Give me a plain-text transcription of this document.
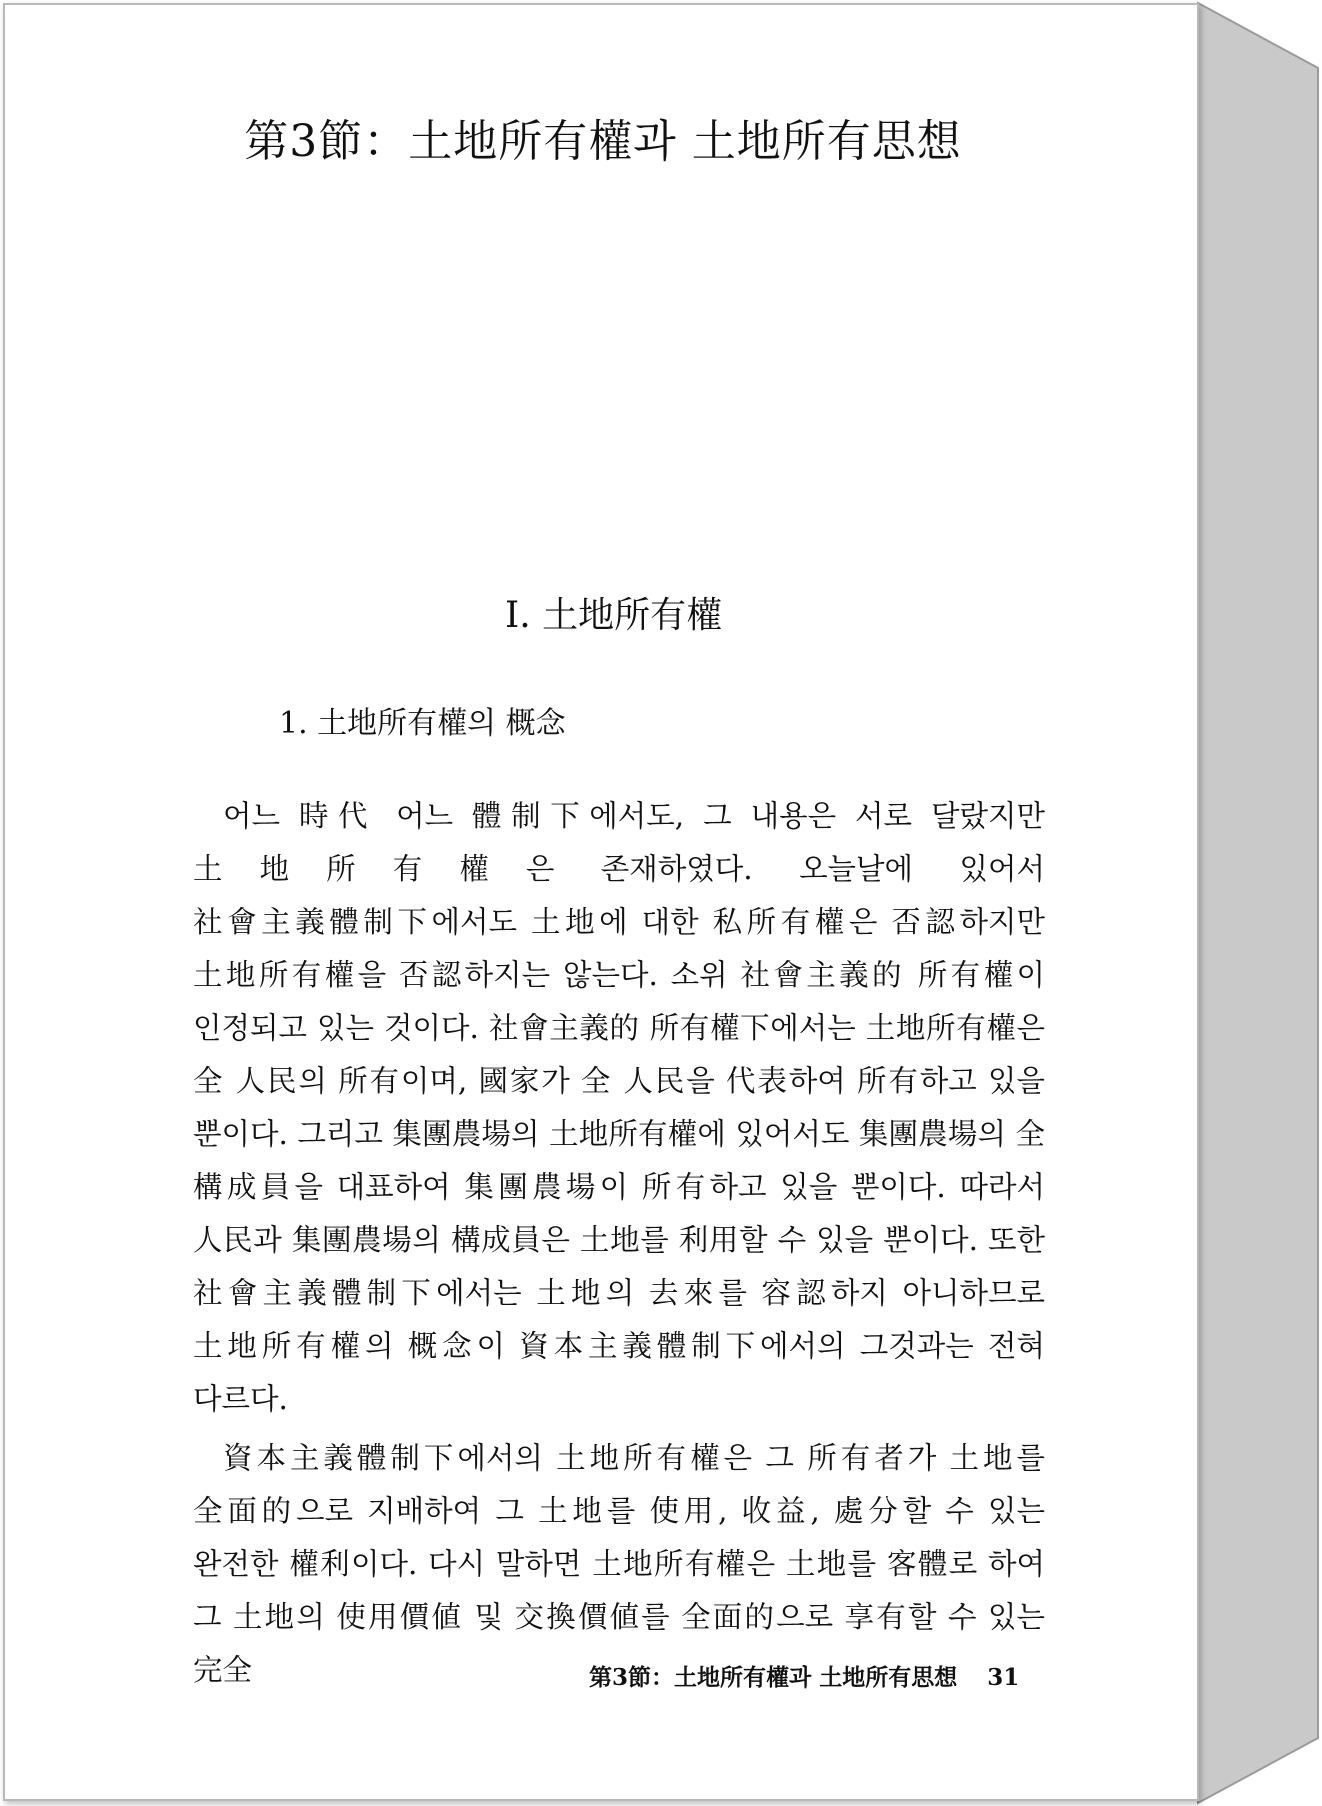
第3節：土地所有權과 土地所有思想
Ⅰ. 土地所有權
1. 土地所有權의 概念

어느 時代 어느 體制下에서도, 그 내용은 서로 달랐지만 土地所有權은 존재하였다. 오늘날에 있어서 社會主義體制下에서도 土地에 대한 私所有權은 否認하지만 土地所有權을 否認하지는 않는다. 소위 社會主義的 所有權이 인정되고 있는 것이다. 社會主義的 所有權下에서는 土地所有權은 全 人民의 所有이며, 國家가 全 人民을 代表하여 所有하고 있을 뿐이다. 그리고 集團農場의 土地所有權에 있어서도 集團農場의 全 構成員을 대표하여 集團農場이 所有하고 있을 뿐이다. 따라서 人民과 集團農場의 構成員은 土地를 利用할 수 있을 뿐이다. 또한 社會主義體制下에서는 土地의 去來를 容認하지 아니하므로 土地所有權의 概念이 資本主義體制下에서의 그것과는 전혀 다르다.

資本主義體制下에서의 土地所有權은 그 所有者가 土地를 全面的으로 지배하여 그 土地를 使用, 收益, 處分할 수 있는 완전한 權利이다. 다시 말하면 土地所有權은 土地를 客體로 하여 그 土地의 使用價値 및 交換價値를 全面的으로 享有할 수 있는 完全	第3節：土地所有權과 土地所有思想 31
